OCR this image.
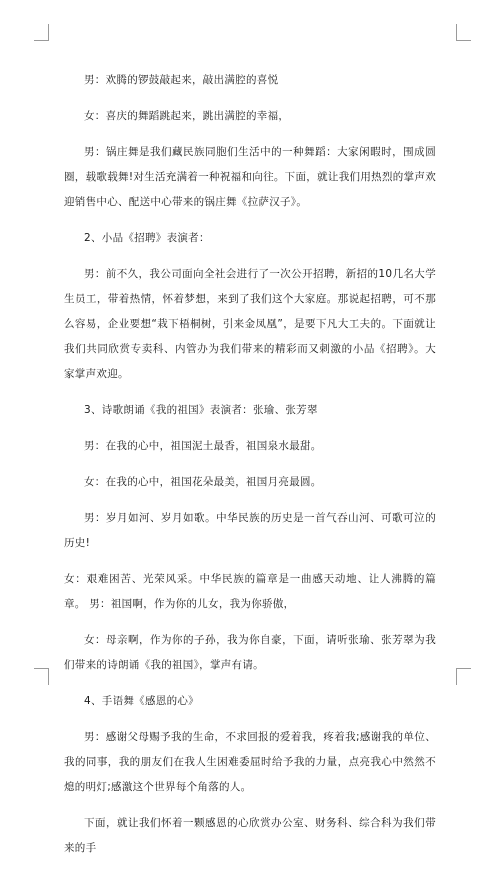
男：欢腾的锣鼓敲起来，敲出满腔的喜悦

女：喜庆的舞蹈跳起来，跳出满腔的幸福，

男：锅庄舞是我们藏民族同胞们生活中的一种舞蹈：大家闲暇时，围成圆圈，载歌载舞!对生活充满着一种祝福和向往。下面，就让我们用热烈的掌声欢迎销售中心、配送中心带来的锅庄舞《拉萨汉子》。

2、小品《招聘》表演者：

男：前不久，我公司面向全社会进行了一次公开招聘，新招的10几名大学生员工，带着热情，怀着梦想，来到了我们这个大家庭。那说起招聘，可不那么容易，企业要想“栽下梧桐树，引来金凤凰”，是要下凡大工夫的。下面就让我们共同欣赏专卖科、内管办为我们带来的精彩而又刺激的小品《招聘》。大家掌声欢迎。

3、诗歌朗诵《我的祖国》表演者：张瑜、张芳翠

男：在我的心中，祖国泥土最香，祖国泉水最甜。

女：在我的心中，祖国花朵最美，祖国月亮最圆。

男：岁月如河、岁月如歌。中华民族的历史是一首气吞山河、可歌可泣的历史!

女：艰难困苦、光荣风采。中华民族的篇章是一曲感天动地、让人沸腾的篇章。 男：祖国啊，作为你的儿女，我为你骄傲，

女：母亲啊，作为你的子孙，我为你自豪，下面，请听张瑜、张芳翠为我们带来的诗朗诵《我的祖国》，掌声有请。

4、手语舞《感恩的心》

男：感谢父母赐予我的生命，不求回报的爱着我，疼着我;感谢我的单位、我的同事，我的朋友们在我人生困难委屈时给予我的力量，点亮我心中然然不熄的明灯;感激这个世界每个角落的人。

下面，就让我们怀着一颗感恩的心欣赏办公室、财务科、综合科为我们带来的手
